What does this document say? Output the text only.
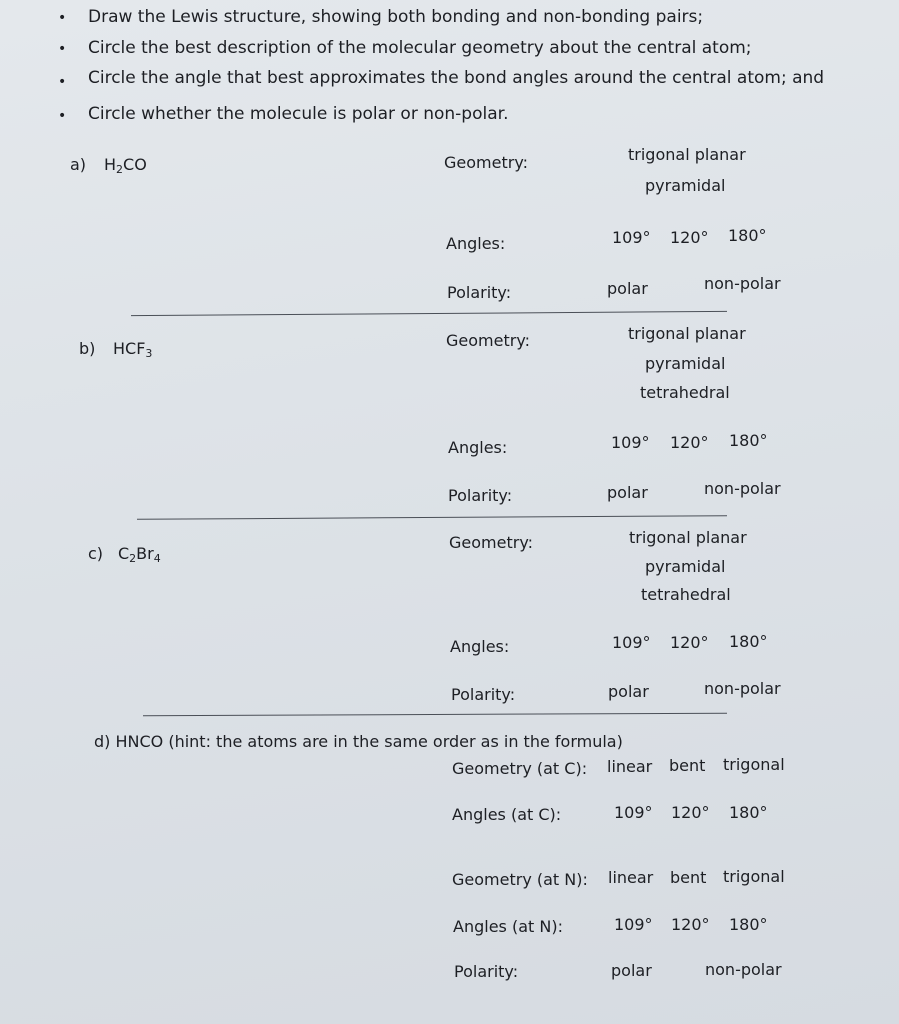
• Draw the Lewis structure, showing both bonding and non-bonding pairs;
• Circle the best description of the molecular geometry about the central atom;
• Circle the angle that best approximates the bond angles around the central atom; and
• Circle whether the molecule is polar or non-polar.
a) $H_2CO$	Geometry:	trigonal planar
pyramidal
Angles:	109° 120° 180°
Polarity:	polar	non-polar
b) $HCF_3$
Geometry:	trigonal planar
pyramidal
tetrahedral
Angles:	109° 120° 180°
Polarity:	polar	non-polar
c) $C_2Br_4$
Geometry:	trigonal planar
pyramidal
tetrahedral
Angles:	109° 120° 180°
Polarity:	polar	non-polar
d) HNCO (hint: the atoms are in the same order as in the formula)
Geometry (at C): linear bent trigonal
Angles (at C):	109° 120° 180°
Geometry (at N): linear bent trigonal
Angles (at N):	109° 120° 180°
Polarity:	polar	non-polar
